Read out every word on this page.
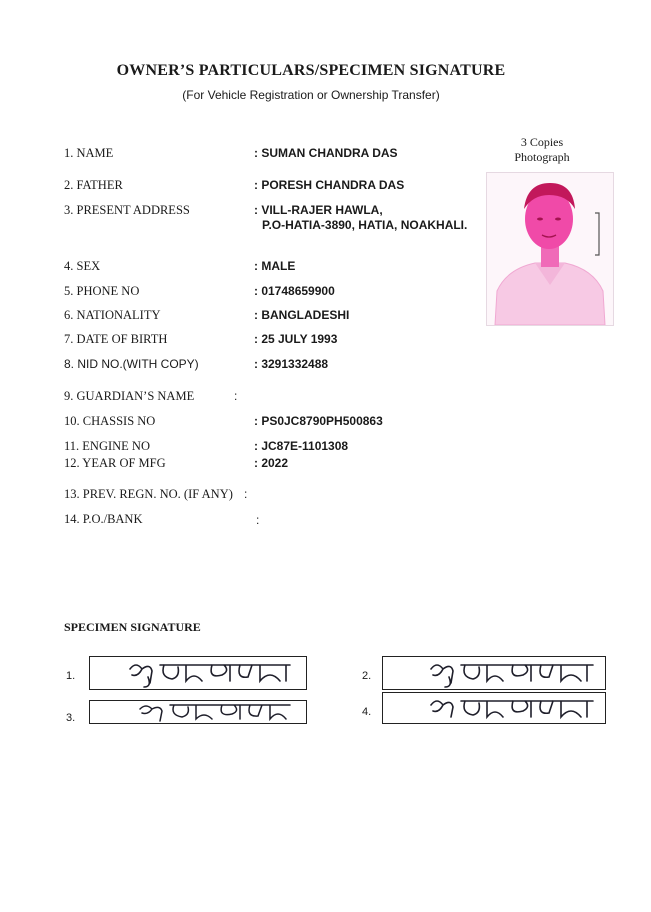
OWNER’S PARTICULARS/SPECIMEN SIGNATURE
(For Vehicle Registration or Ownership Transfer)
3 Copies
Photograph
1. NAME	: SUMAN CHANDRA DAS
2. FATHER	: PORESH CHANDRA DAS
3. PRESENT ADDRESS	: VILL-RAJER HAWLA,
P.O-HATIA-3890, HATIA, NOAKHALI.
4. SEX	: MALE
5. PHONE NO	: 01748659900
6. NATIONALITY	: BANGLADESHI
7. DATE OF BIRTH	: 25 JULY 1993
8. NID NO.(WITH COPY)	: 3291332488
9. GUARDIAN’S NAME	:
10. CHASSIS NO	: PS0JC8790PH500863
11. ENGINE NO	: JC87E-1101308
12. YEAR OF MFG	: 2022
13. PREV. REGN. NO. (IF ANY) :
14. P.O./BANK	:
SPECIMEN SIGNATURE
1.	2.
3.	4.
